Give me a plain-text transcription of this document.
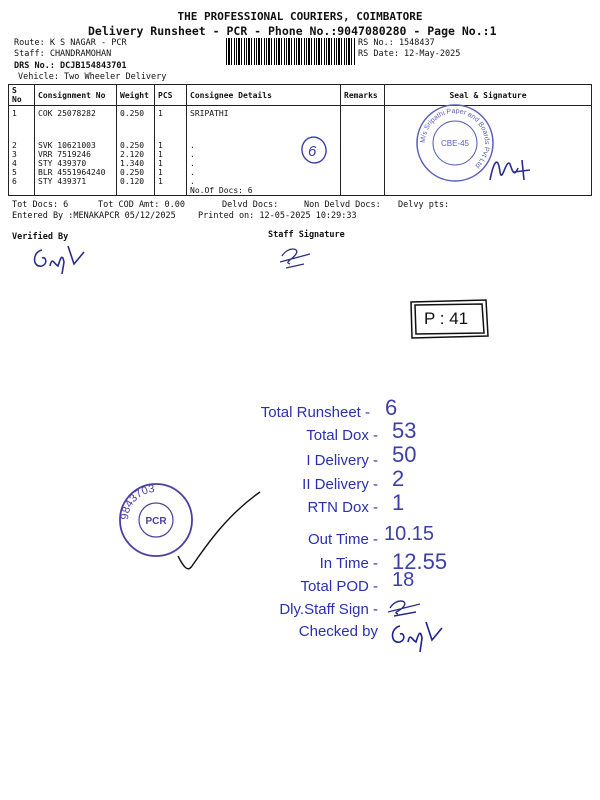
THE PROFESSIONAL COURIERS, COIMBATORE
Delivery Runsheet - PCR - Phone No.:9047080280 - Page No.:1
Route: K S NAGAR - PCR
Staff: CHANDRAMOHAN
DRS No.: DCJB154843701
Vehicle: Two Wheeler Delivery
RS No.: 1548437
RS Date: 12-May-2025
S No	Consignment No	Weight	PCS	Consignee Details	Remarks	Seal & Signature
1	COK 25078282	0.250	1	SRIPATHI		

2	SVK 10621003	0.250	1	.		
3	VRR 7519246	2.120	1	.		
4	STY 439370	1.340	1	.		
5	BLR 4551964240	0.250	1	.		
6	STY 439371	0.120	1	.		
				No.Of Docs: 6		
6
M/s Sripathi Paper and Boards Pvt Ltd
CBE-45
Tot Docs: 6	Tot COD Amt: 0.00	Delvd Docs:	Non Delvd Docs: Delvy pts:
Entered By :MENAKAPCR 05/12/2025	Printed on: 12-05-2025 10:29:33
Verified By	Staff Signature
P : 41
9843703
PCR
Total Runsheet - 6
Total Dox - 53
I Delivery - 50
II Delivery - 2
RTN Dox - 1
Out Time - 10.15
In Time - 12.55
Total POD - 18
Dly.Staff Sign -
Checked by
